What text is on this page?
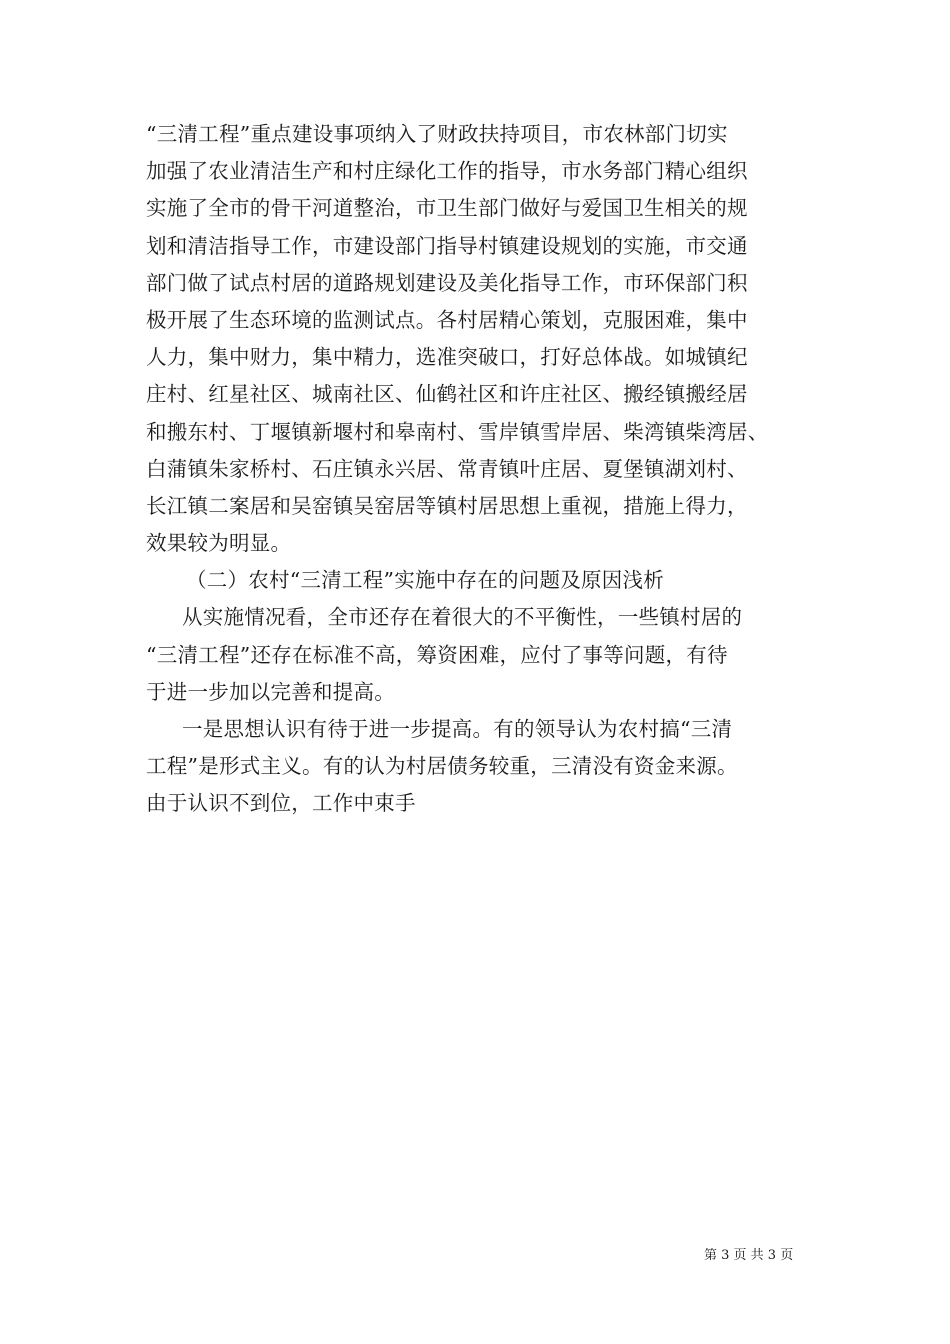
“三清工程”重点建设事项纳入了财政扶持项目，市农林部门切实
加强了农业清洁生产和村庄绿化工作的指导，市水务部门精心组织
实施了全市的骨干河道整治，市卫生部门做好与爱国卫生相关的规
划和清洁指导工作，市建设部门指导村镇建设规划的实施，市交通
部门做了试点村居的道路规划建设及美化指导工作，市环保部门积
极开展了生态环境的监测试点。各村居精心策划，克服困难，集中
人力，集中财力，集中精力，选准突破口，打好总体战。如城镇纪
庄村、红星社区、城南社区、仙鹤社区和许庄社区、搬经镇搬经居
和搬东村、丁堰镇新堰村和皋南村、雪岸镇雪岸居、柴湾镇柴湾居、
白蒲镇朱家桥村、石庄镇永兴居、常青镇叶庄居、夏堡镇湖刘村、
长江镇二案居和吴窑镇吴窑居等镇村居思想上重视，措施上得力，
效果较为明显。
（二）农村“三清工程”实施中存在的问题及原因浅析
从实施情况看，全市还存在着很大的不平衡性，一些镇村居的
“三清工程”还存在标准不高，筹资困难，应付了事等问题，有待
于进一步加以完善和提高。
一是思想认识有待于进一步提高。有的领导认为农村搞“三清
工程”是形式主义。有的认为村居债务较重，三清没有资金来源。
由于认识不到位，工作中束手
第 3 页 共 3 页
